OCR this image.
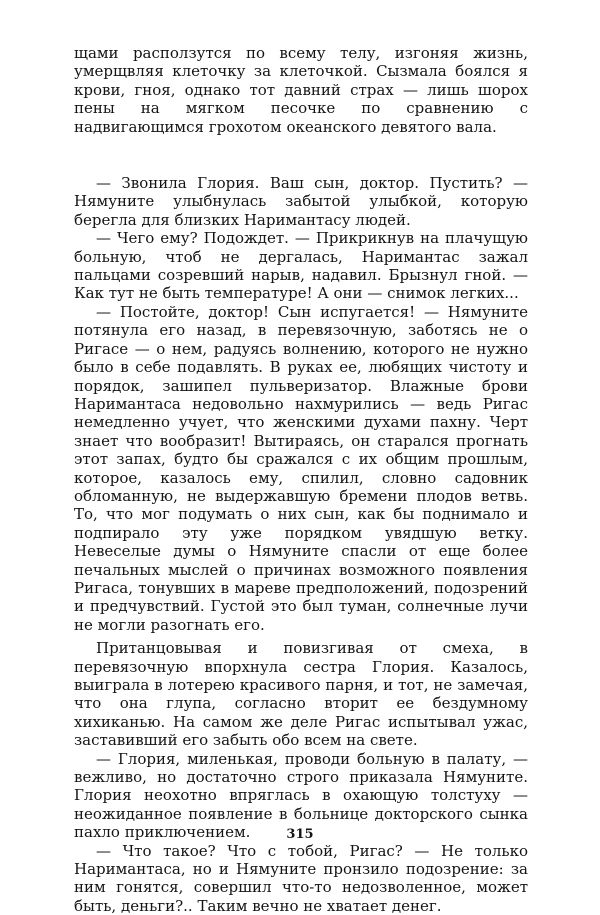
щами расползутся по всему телу, изгоняя жизнь, умерщвляя клеточку за клеточкой. Сызмала боялся я крови, гноя, однако тот давний страх — лишь шорох пены на мягком песочке по сравнению с надвигающимся грохотом океанского девятого вала.

— Звонила Глория. Ваш сын, доктор. Пустить? — Нямуните улыбнулась забытой улыбкой, которую берегла для близких Наримантасу людей.

— Чего ему? Подождет. — Прикрикнув на плачущую больную, чтоб не дергалась, Наримантас зажал пальцами созревший нарыв, надавил. Брызнул гной. — Как тут не быть температуре! А они — снимок легких...

— Постойте, доктор! Сын испугается! — Нямуните потянула его назад, в перевязочную, заботясь не о Ригасе — о нем, радуясь волнению, которого не нужно было в себе подавлять. В руках ее, любящих чистоту и порядок, зашипел пульверизатор. Влажные брови Наримантаса недовольно нахмурились — ведь Ригас немедленно учует, что женскими духами пахну. Черт знает что вообразит! Вытираясь, он старался прогнать этот запах, будто бы сражался с их общим прошлым, которое, казалось ему, спилил, словно садовник обломанную, не выдержавшую бремени плодов ветвь. То, что мог подумать о них сын, как бы поднимало и подпирало эту уже порядком увядшую ветку. Невеселые думы о Нямуните спасли от еще более печальных мыслей о причинах возможного появления Ригаса, тонувших в мареве предположений, подозрений и предчувствий. Густой это был туман, солнечные лучи не могли разогнать его.

Пританцовывая и повизгивая от смеха, в перевязочную впорхнула сестра Глория. Казалось, выиграла в лотерею красивого парня, и тот, не замечая, что она глупа, согласно вторит ее бездумному хихиканью. На самом же деле Ригас испытывал ужас, заставивший его забыть обо всем на свете.

— Глория, миленькая, проводи больную в палату, — вежливо, но достаточно строго приказала Нямуните. Глория неохотно впряглась в охающую толстуху — неожиданное появление в больнице докторского сынка пахло приключением.

— Что такое? Что с тобой, Ригас? — Не только Наримантаса, но и Нямуните пронзило подозрение: за ним гонятся, совершил что-то недозволенное, может быть, деньги?.. Таким вечно не хватает денег.

315
